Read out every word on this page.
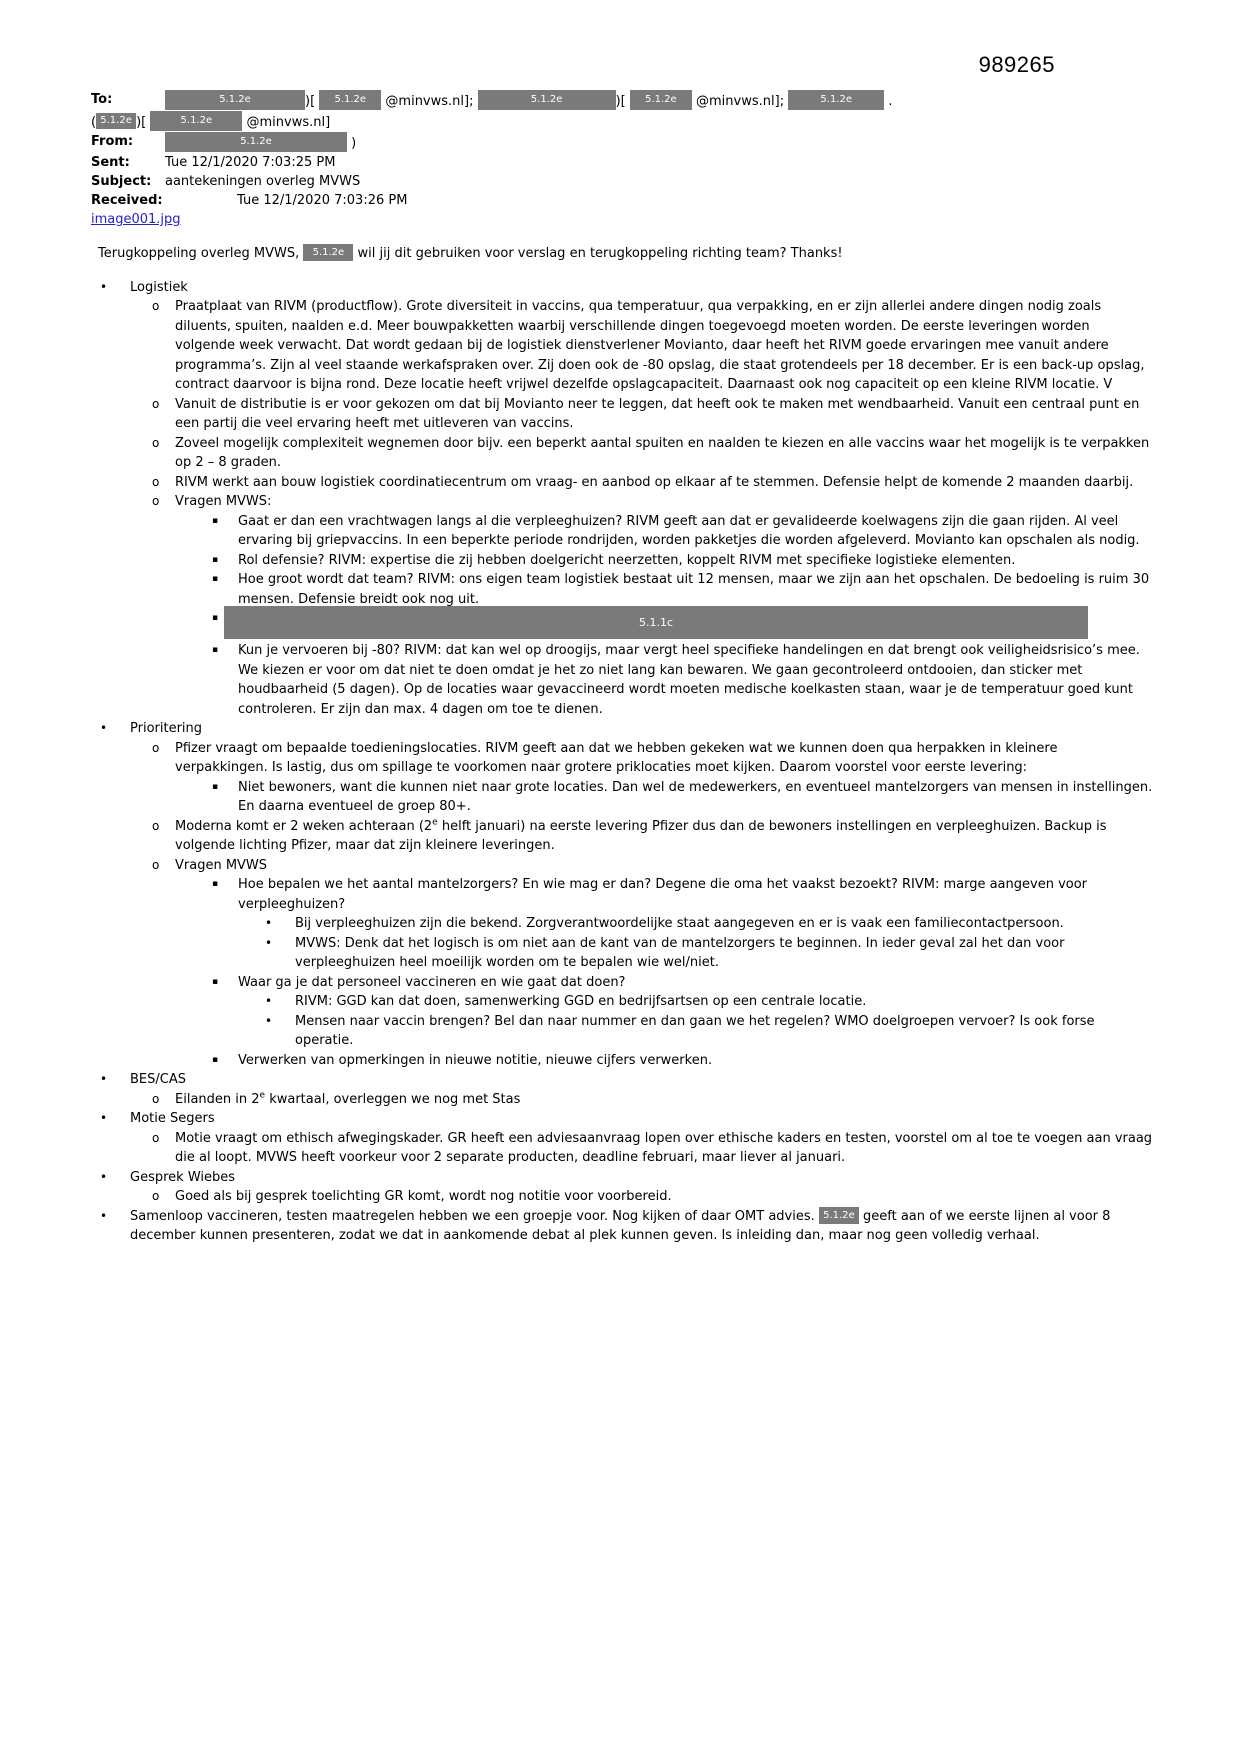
989265
To:	5.1.2e	)[ 5.1.2e @minvws.nl];	5.1.2e	)[ 5.1.2e @minvws.nl];	5.1.2e .
( 5.1.2e )[	5.1.2e @minvws.nl]
From:	5.1.2e	)
Sent:	Tue 12/1/2020 7:03:25 PM
Subject: aantekeningen overleg MVWS
Received:	Tue 12/1/2020 7:03:26 PM
image001.jpg
Terugkoppeling overleg MVWS, 5.1.2e wil jij dit gebruiken voor verslag en terugkoppeling richting team? Thanks!
•	Logistiek
o	Praatplaat van RIVM (productflow). Grote diversiteit in vaccins, qua temperatuur, qua verpakking, en er zijn allerlei andere dingen nodig zoals diluents, spuiten, naalden e.d. Meer bouwpakketten waarbij verschillende dingen toegevoegd moeten worden. De eerste leveringen worden volgende week verwacht. Dat wordt gedaan bij de logistiek dienstverlener Movianto, daar heeft het RIVM goede ervaringen mee vanuit andere programma’s. Zijn al veel staande werkafspraken over. Zij doen ook de -80 opslag, die staat grotendeels per 18 december. Er is een back-up opslag, contract daarvoor is bijna rond. Deze locatie heeft vrijwel dezelfde opslagcapaciteit. Daarnaast ook nog capaciteit op een kleine RIVM locatie. V
o	Vanuit de distributie is er voor gekozen om dat bij Movianto neer te leggen, dat heeft ook te maken met wendbaarheid. Vanuit een centraal punt en een partij die veel ervaring heeft met uitleveren van vaccins.
o	Zoveel mogelijk complexiteit wegnemen door bijv. een beperkt aantal spuiten en naalden te kiezen en alle vaccins waar het mogelijk is te verpakken op 2 – 8 graden.
o	RIVM werkt aan bouw logistiek coordinatiecentrum om vraag- en aanbod op elkaar af te stemmen. Defensie helpt de komende 2 maanden daarbij.
o	Vragen MVWS:
▪	Gaat er dan een vrachtwagen langs al die verpleeghuizen? RIVM geeft aan dat er gevalideerde koelwagens zijn die gaan rijden. Al veel ervaring bij griepvaccins. In een beperkte periode rondrijden, worden pakketjes die worden afgeleverd. Movianto kan opschalen als nodig.
▪	Rol defensie? RIVM: expertise die zij hebben doelgericht neerzetten, koppelt RIVM met specifieke logistieke elementen.
▪	Hoe groot wordt dat team? RIVM: ons eigen team logistiek bestaat uit 12 mensen, maar we zijn aan het opschalen. De bedoeling is ruim 30 mensen. Defensie breidt ook nog uit.
▪	5.1.1c
▪	Kun je vervoeren bij -80? RIVM: dat kan wel op droogijs, maar vergt heel specifieke handelingen en dat brengt ook veiligheidsrisico’s mee. We kiezen er voor om dat niet te doen omdat je het zo niet lang kan bewaren. We gaan gecontroleerd ontdooien, dan sticker met houdbaarheid (5 dagen). Op de locaties waar gevaccineerd wordt moeten medische koelkasten staan, waar je de temperatuur goed kunt controleren. Er zijn dan max. 4 dagen om toe te dienen.
•	Prioritering
o	Pfizer vraagt om bepaalde toedieningslocaties. RIVM geeft aan dat we hebben gekeken wat we kunnen doen qua herpakken in kleinere verpakkingen. Is lastig, dus om spillage te voorkomen naar grotere priklocaties moet kijken. Daarom voorstel voor eerste levering:
▪	Niet bewoners, want die kunnen niet naar grote locaties. Dan wel de medewerkers, en eventueel mantelzorgers van mensen in instellingen. En daarna eventueel de groep 80+.
o	Moderna komt er 2 weken achteraan (2e helft januari) na eerste levering Pfizer dus dan de bewoners instellingen en verpleeghuizen. Backup is volgende lichting Pfizer, maar dat zijn kleinere leveringen.
o	Vragen MVWS
▪	Hoe bepalen we het aantal mantelzorgers? En wie mag er dan? Degene die oma het vaakst bezoekt? RIVM: marge aangeven voor verpleeghuizen?
•	Bij verpleeghuizen zijn die bekend. Zorgverantwoordelijke staat aangegeven en er is vaak een familiecontactpersoon.
•	MVWS: Denk dat het logisch is om niet aan de kant van de mantelzorgers te beginnen. In ieder geval zal het dan voor verpleeghuizen heel moeilijk worden om te bepalen wie wel/niet.
▪	Waar ga je dat personeel vaccineren en wie gaat dat doen?
•	RIVM: GGD kan dat doen, samenwerking GGD en bedrijfsartsen op een centrale locatie.
•	Mensen naar vaccin brengen? Bel dan naar nummer en dan gaan we het regelen? WMO doelgroepen vervoer? Is ook forse operatie.
▪	Verwerken van opmerkingen in nieuwe notitie, nieuwe cijfers verwerken.
•	BES/CAS
o	Eilanden in 2e kwartaal, overleggen we nog met Stas
•	Motie Segers
o	Motie vraagt om ethisch afwegingskader. GR heeft een adviesaanvraag lopen over ethische kaders en testen, voorstel om al toe te voegen aan vraag die al loopt. MVWS heeft voorkeur voor 2 separate producten, deadline februari, maar liever al januari.
•	Gesprek Wiebes
o	Goed als bij gesprek toelichting GR komt, wordt nog notitie voor voorbereid.
•	Samenloop vaccineren, testen maatregelen hebben we een groepje voor. Nog kijken of daar OMT advies. 5.1.2e geeft aan of we eerste lijnen al voor 8 december kunnen presenteren, zodat we dat in aankomende debat al plek kunnen geven. Is inleiding dan, maar nog geen volledig verhaal.
